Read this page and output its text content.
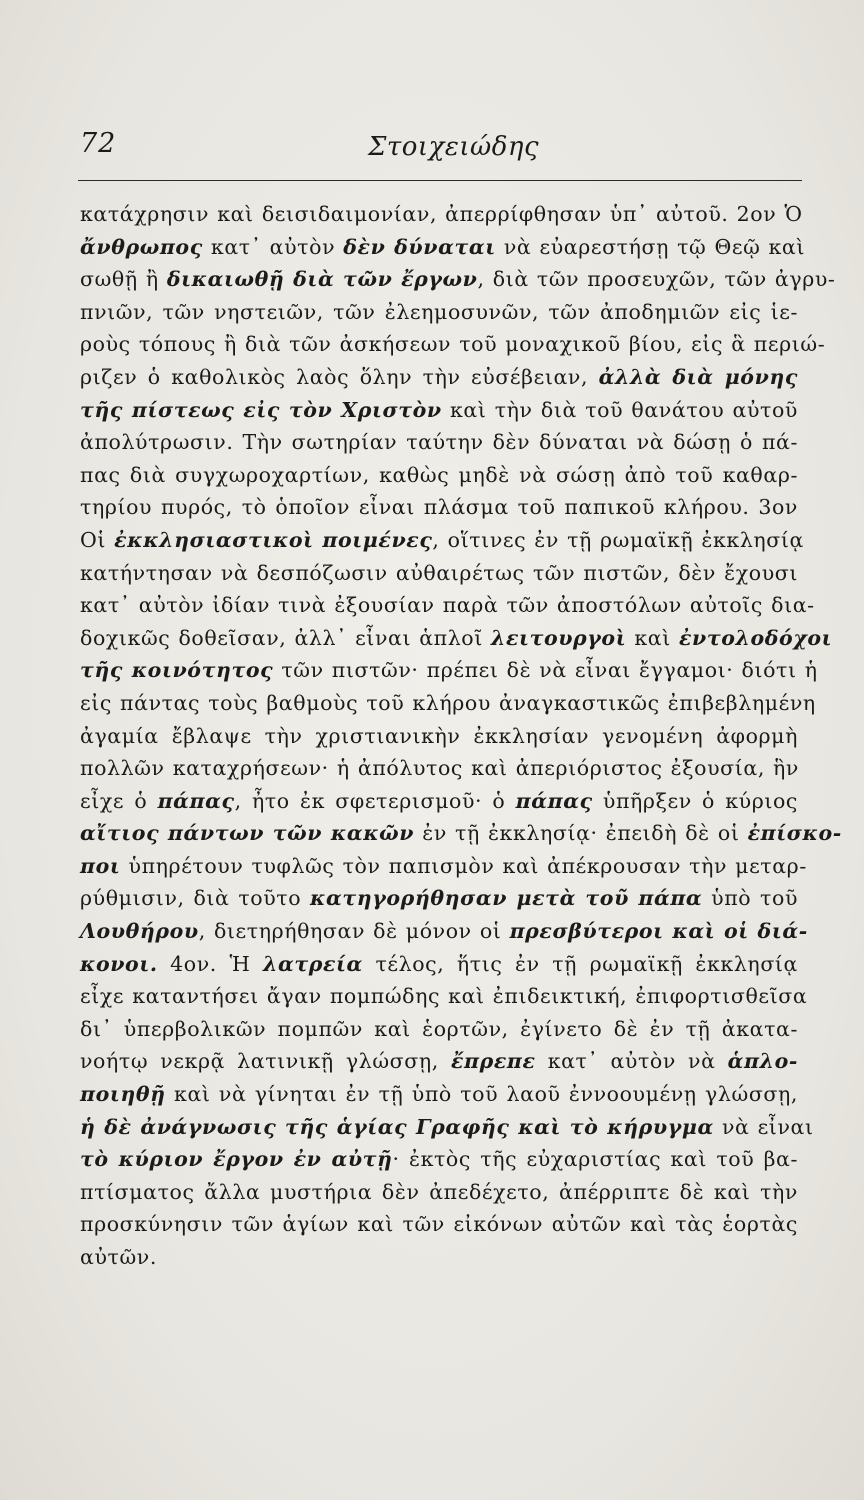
72	Στοιχειώδης
κατάχρησιν καὶ δεισιδαιμονίαν, ἀπερρίφθησαν ὑπ᾽ αὐτοῦ. 2ον Ὁ
ἄνθρωπος κατ᾽ αὐτὸν δὲν δύναται νὰ εὐαρεστήσῃ τῷ Θεῷ καὶ
σωθῇ ἢ δικαιωθῇ διὰ τῶν ἔργων, διὰ τῶν προσευχῶν, τῶν ἀγρυ-
πνιῶν, τῶν νηστειῶν, τῶν ἐλεημοσυνῶν, τῶν ἀποδημιῶν εἰς ἱε-
ροὺς τόπους ἢ διὰ τῶν ἀσκήσεων τοῦ μοναχικοῦ βίου, εἰς ἃ περιώ-
ριζεν ὁ καθολικὸς λαὸς ὅλην τὴν εὐσέβειαν, ἀλλὰ διὰ μόνης
τῆς πίστεως εἰς τὸν Χριστὸν καὶ τὴν διὰ τοῦ θανάτου αὐτοῦ
ἀπολύτρωσιν. Τὴν σωτηρίαν ταύτην δὲν δύναται νὰ δώσῃ ὁ πά-
πας διὰ συγχωροχαρτίων, καθὼς μηδὲ νὰ σώσῃ ἀπὸ τοῦ καθαρ-
τηρίου πυρός, τὸ ὁποῖον εἶναι πλάσμα τοῦ παπικοῦ κλήρου. 3ον
Οἱ ἐκκλησιαστικοὶ ποιμένες, οἵτινες ἐν τῇ ρωμαϊκῇ ἐκκλησίᾳ
κατήντησαν νὰ δεσπόζωσιν αὐθαιρέτως τῶν πιστῶν, δὲν ἔχουσι
κατ᾽ αὐτὸν ἰδίαν τινὰ ἐξουσίαν παρὰ τῶν ἀποστόλων αὐτοῖς δια-
δοχικῶς δοθεῖσαν, ἀλλ᾽ εἶναι ἁπλοῖ λειτουργοὶ καὶ ἐντολοδόχοι
τῆς κοινότητος τῶν πιστῶν· πρέπει δὲ νὰ εἶναι ἔγγαμοι· διότι ἡ
εἰς πάντας τοὺς βαθμοὺς τοῦ κλήρου ἀναγκαστικῶς ἐπιβεβλημένη
ἀγαμία ἔβλαψε τὴν χριστιανικὴν ἐκκλησίαν γενομένη ἀφορμὴ
πολλῶν καταχρήσεων· ἡ ἀπόλυτος καὶ ἀπεριόριστος ἐξουσία, ἣν
εἶχε ὁ πάπας, ἦτο ἐκ σφετερισμοῦ· ὁ πάπας ὑπῆρξεν ὁ κύριος
αἴτιος πάντων τῶν κακῶν ἐν τῇ ἐκκλησίᾳ· ἐπειδὴ δὲ οἱ ἐπίσκο-
ποι ὑπηρέτουν τυφλῶς τὸν παπισμὸν καὶ ἀπέκρουσαν τὴν μεταρ-
ρύθμισιν, διὰ τοῦτο κατηγορήθησαν μετὰ τοῦ πάπα ὑπὸ τοῦ
Λουθήρου, διετηρήθησαν δὲ μόνον οἱ πρεσβύτεροι καὶ οἱ διά-
κονοι. 4ον. Ἡ λατρεία τέλος, ἥτις ἐν τῇ ρωμαϊκῇ ἐκκλησίᾳ
εἶχε καταντήσει ἄγαν πομπώδης καὶ ἐπιδεικτική, ἐπιφορτισθεῖσα
δι᾽ ὑπερβολικῶν πομπῶν καὶ ἑορτῶν, ἐγίνετο δὲ ἐν τῇ ἀκατα-
νοήτῳ νεκρᾷ λατινικῇ γλώσσῃ, ἔπρεπε κατ᾽ αὐτὸν νὰ ἁπλο-
ποιηθῇ καὶ νὰ γίνηται ἐν τῇ ὑπὸ τοῦ λαοῦ ἐννοουμένῃ γλώσσῃ,
ἡ δὲ ἀνάγνωσις τῆς ἁγίας Γραφῆς καὶ τὸ κήρυγμα νὰ εἶναι
τὸ κύριον ἔργον ἐν αὐτῇ· ἐκτὸς τῆς εὐχαριστίας καὶ τοῦ βα-
πτίσματος ἄλλα μυστήρια δὲν ἀπεδέχετο, ἀπέρριπτε δὲ καὶ τὴν
προσκύνησιν τῶν ἁγίων καὶ τῶν εἰκόνων αὐτῶν καὶ τὰς ἑορτὰς
αὐτῶν.
